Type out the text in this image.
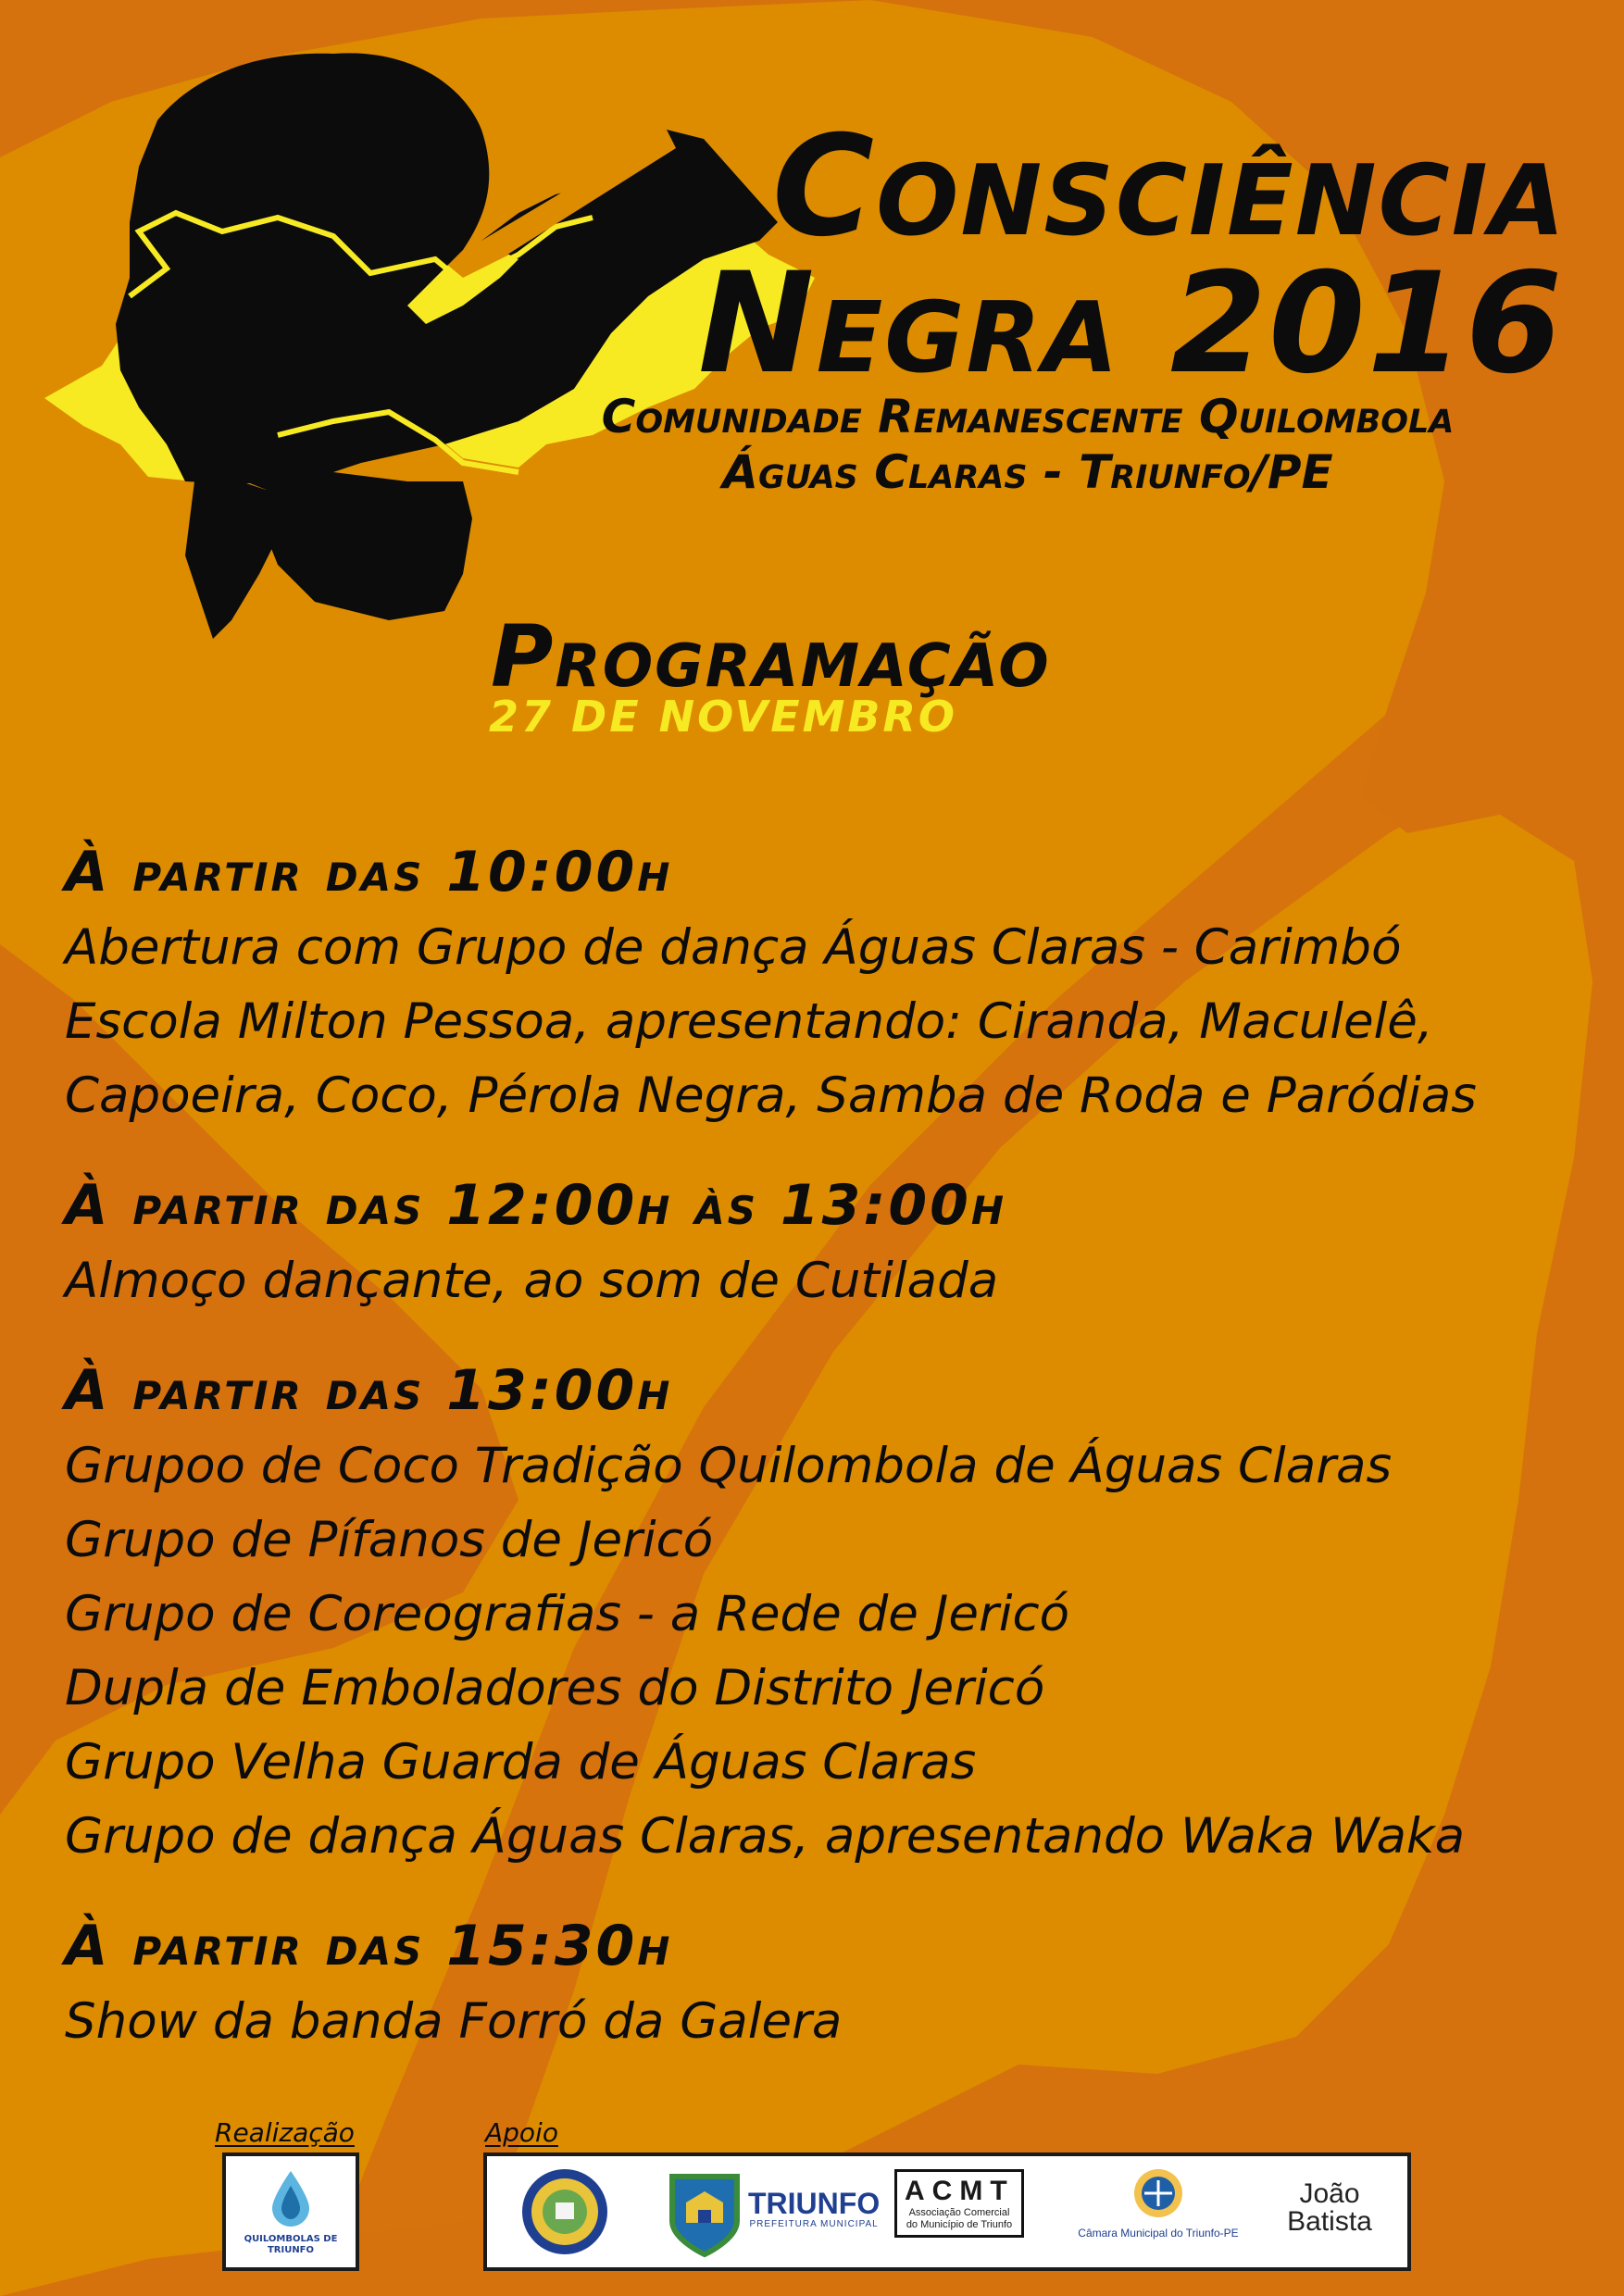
Consciência
Negra 2016
Comunidade Remanescente Quilombola
Águas Claras - Triunfo/PE
Programação
27 DE NOVEMBRO
À partir das 10:00h
Abertura com Grupo de dança Águas Claras - Carimbó
Escola Milton Pessoa, apresentando: Ciranda, Maculelê,
Capoeira, Coco, Pérola Negra, Samba de Roda e Paródias
À partir das 12:00h às 13:00h
Almoço dançante, ao som de Cutilada
À partir das 13:00h
Grupoo de Coco Tradição Quilombola de Águas Claras
Grupo de Pífanos de Jericó
Grupo de Coreografias - a Rede de Jericó
Dupla de Emboladores do Distrito Jericó
Grupo Velha Guarda de Águas Claras
Grupo de dança Águas Claras, apresentando Waka Waka
À partir das 15:30h
Show da banda Forró da Galera
Realização	Apoio
QUILOMBOLAS DE TRIUNFO
TRIUNFO
PREFEITURA MUNICIPAL
ACMT
Associação Comercial
do Município de Triunfo
Câmara Municipal do Triunfo-PE
João
Batista
